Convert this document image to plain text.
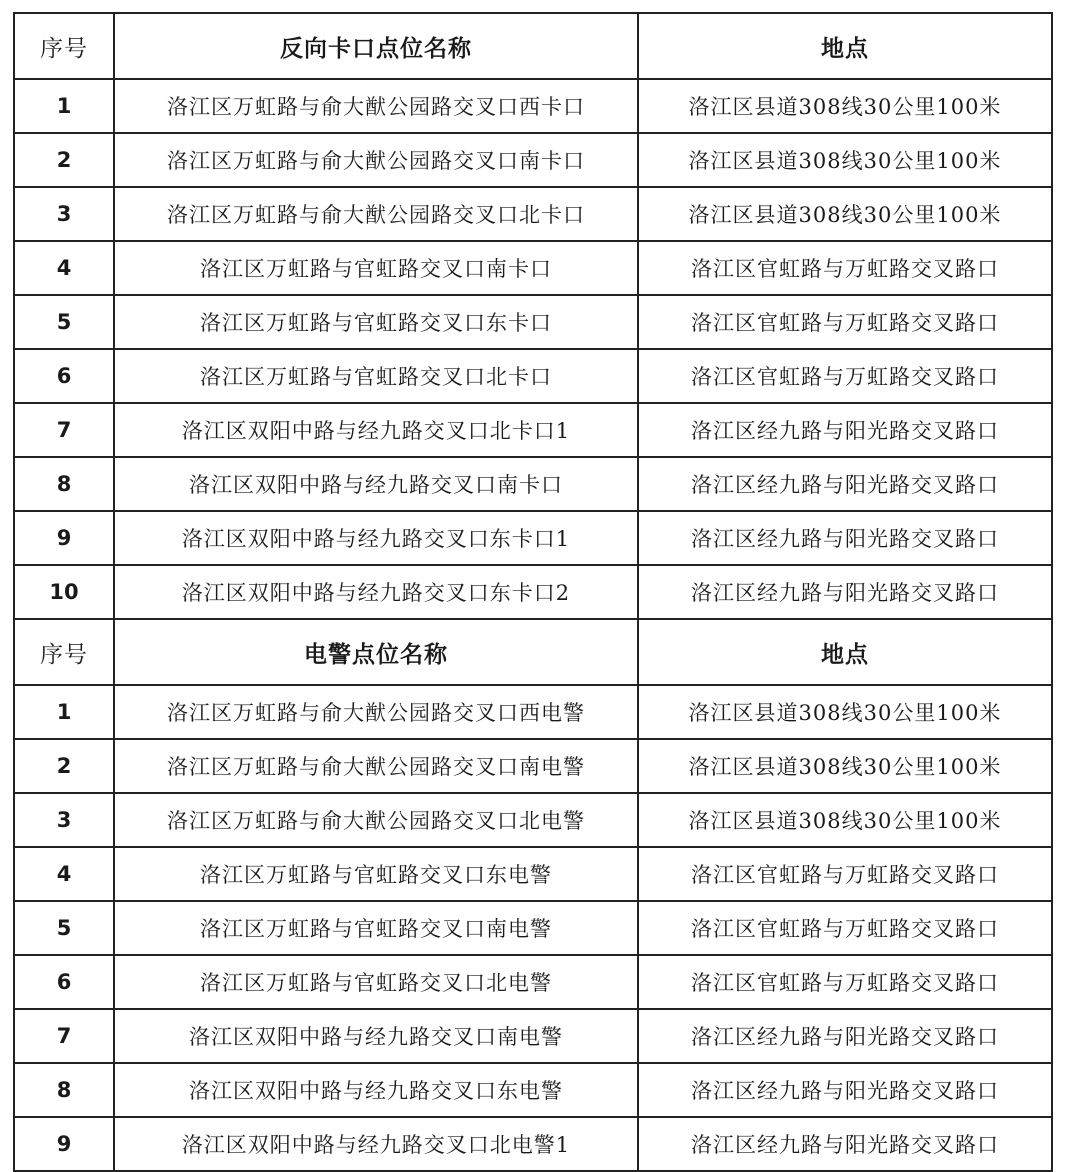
序号	反向卡口点位名称	地点
1	洛江区万虹路与俞大猷公园路交叉口西卡口	洛江区县道308线30公里100米
2	洛江区万虹路与俞大猷公园路交叉口南卡口	洛江区县道308线30公里100米
3	洛江区万虹路与俞大猷公园路交叉口北卡口	洛江区县道308线30公里100米
4	洛江区万虹路与官虹路交叉口南卡口	洛江区官虹路与万虹路交叉路口
5	洛江区万虹路与官虹路交叉口东卡口	洛江区官虹路与万虹路交叉路口
6	洛江区万虹路与官虹路交叉口北卡口	洛江区官虹路与万虹路交叉路口
7	洛江区双阳中路与经九路交叉口北卡口1	洛江区经九路与阳光路交叉路口
8	洛江区双阳中路与经九路交叉口南卡口	洛江区经九路与阳光路交叉路口
9	洛江区双阳中路与经九路交叉口东卡口1	洛江区经九路与阳光路交叉路口
10	洛江区双阳中路与经九路交叉口东卡口2	洛江区经九路与阳光路交叉路口
序号	电警点位名称	地点
1	洛江区万虹路与俞大猷公园路交叉口西电警	洛江区县道308线30公里100米
2	洛江区万虹路与俞大猷公园路交叉口南电警	洛江区县道308线30公里100米
3	洛江区万虹路与俞大猷公园路交叉口北电警	洛江区县道308线30公里100米
4	洛江区万虹路与官虹路交叉口东电警	洛江区官虹路与万虹路交叉路口
5	洛江区万虹路与官虹路交叉口南电警	洛江区官虹路与万虹路交叉路口
6	洛江区万虹路与官虹路交叉口北电警	洛江区官虹路与万虹路交叉路口
7	洛江区双阳中路与经九路交叉口南电警	洛江区经九路与阳光路交叉路口
8	洛江区双阳中路与经九路交叉口东电警	洛江区经九路与阳光路交叉路口
9	洛江区双阳中路与经九路交叉口北电警1	洛江区经九路与阳光路交叉路口
